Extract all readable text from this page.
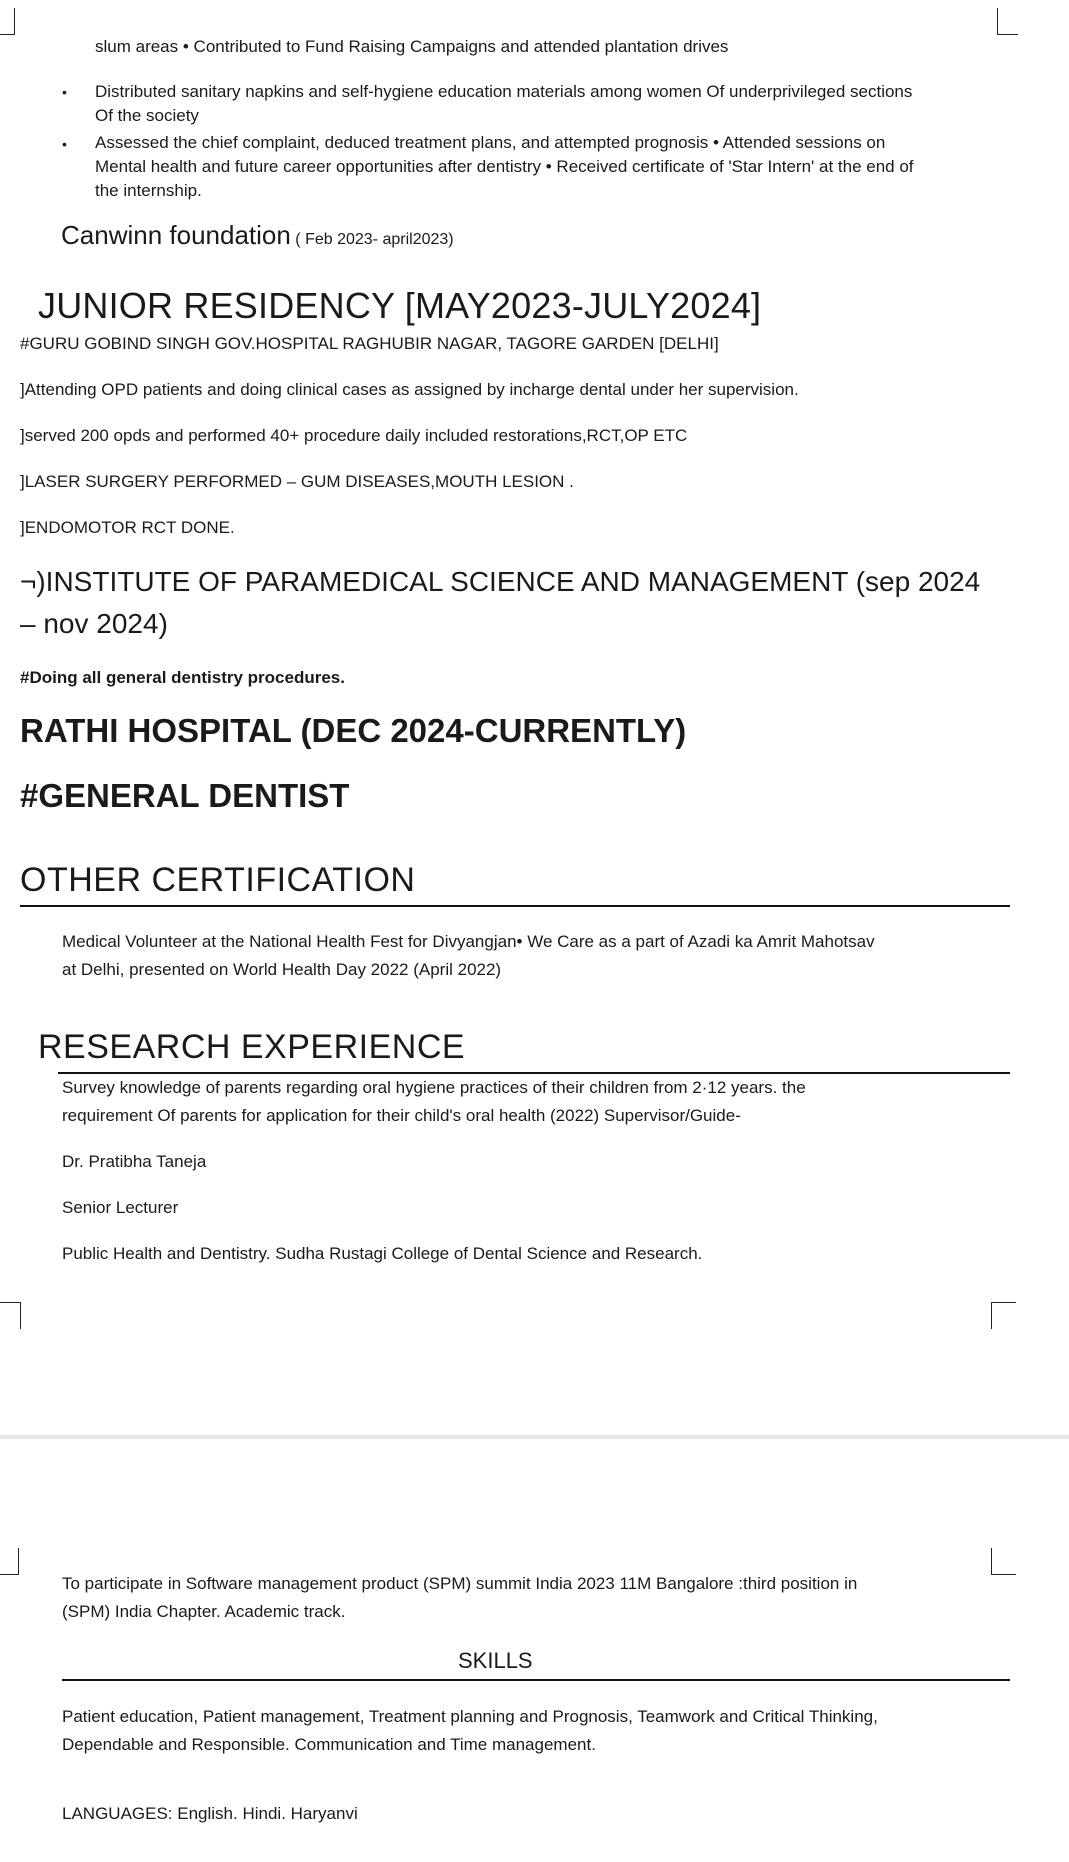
slum areas • Contributed to Fund Raising Campaigns and attended plantation drives
• Distributed sanitary napkins and self-hygiene education materials among women Of underprivileged sections
Of the society
• Assessed the chief complaint, deduced treatment plans, and attempted prognosis • Attended sessions on
Mental health and future career opportunities after dentistry • Received certificate of 'Star Intern' at the end of
the internship.
Canwinn foundation ( Feb 2023- april2023)
JUNIOR RESIDENCY [MAY2023-JULY2024]
#GURU GOBIND SINGH GOV.HOSPITAL RAGHUBIR NAGAR, TAGORE GARDEN [DELHI]
]Attending OPD patients and doing clinical cases as assigned by incharge dental under her supervision.
]served 200 opds and performed 40+ procedure daily included restorations,RCT,OP ETC
]LASER SURGERY PERFORMED – GUM DISEASES,MOUTH LESION .
]ENDOMOTOR RCT DONE.
¬)INSTITUTE OF PARAMEDICAL SCIENCE AND MANAGEMENT (sep 2024
– nov 2024)
#Doing all general dentistry procedures.
RATHI HOSPITAL (DEC 2024-CURRENTLY)
#GENERAL DENTIST
OTHER CERTIFICATION
Medical Volunteer at the National Health Fest for Divyangjan• We Care as a part of Azadi ka Amrit Mahotsav
at Delhi, presented on World Health Day 2022 (April 2022)
RESEARCH EXPERIENCE
Survey knowledge of parents regarding oral hygiene practices of their children from 2·12 years. the
requirement Of parents for application for their child's oral health (2022) Supervisor/Guide-
Dr. Pratibha Taneja
Senior Lecturer
Public Health and Dentistry. Sudha Rustagi College of Dental Science and Research.
To participate in Software management product (SPM) summit India 2023 11M Bangalore :third position in
(SPM) India Chapter. Academic track.
SKILLS
Patient education, Patient management, Treatment planning and Prognosis, Teamwork and Critical Thinking,
Dependable and Responsible. Communication and Time management.
LANGUAGES: English. Hindi. Haryanvi
